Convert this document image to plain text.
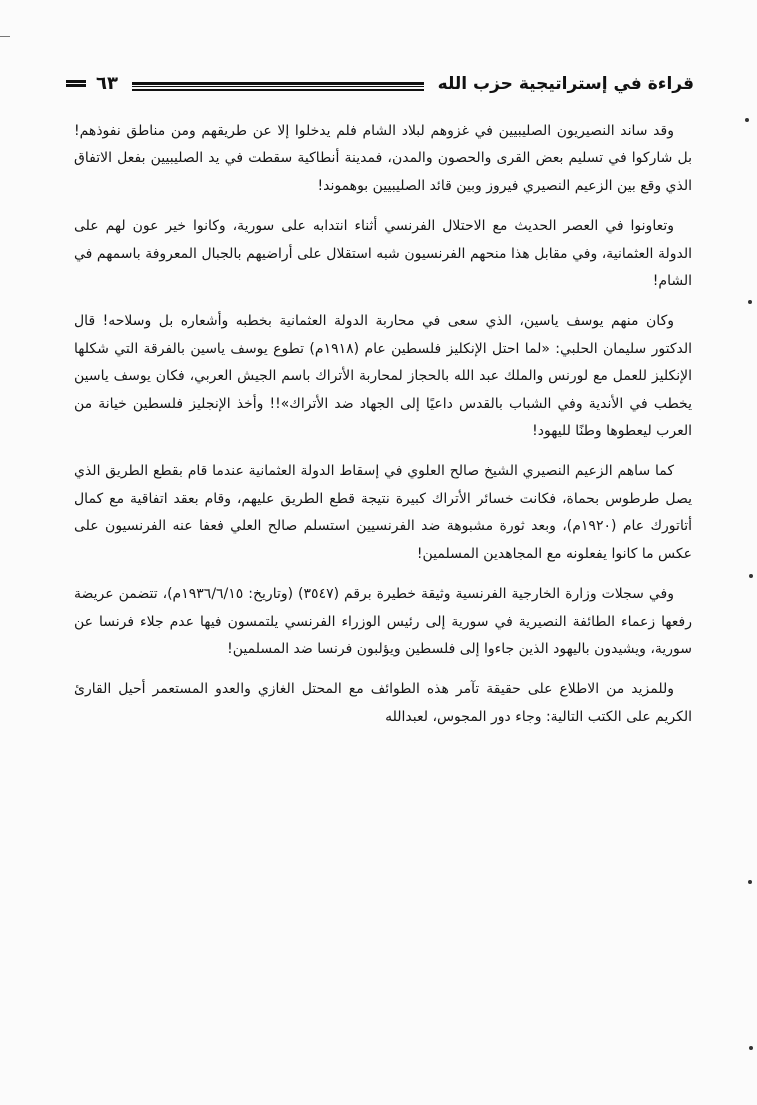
قراءة في إستراتيجية حزب الله
٦٣

وقد ساند النصيريون الصليبيين في غزوهم لبلاد الشام فلم يدخلوا إلا عن طريقهم ومن مناطق نفوذهم! بل شاركوا في تسليم بعض القرى والحصون والمدن، فمدينة أنطاكية سقطت في يد الصليبيين بفعل الاتفاق الذي وقع بين الزعيم النصيري فيروز وبين قائد الصليبيين بوهموند!

وتعاونوا في العصر الحديث مع الاحتلال الفرنسي أثناء انتدابه على سورية، وكانوا خير عون لهم على الدولة العثمانية، وفي مقابل هذا منحهم الفرنسيون شبه استقلال على أراضيهم بالجبال المعروفة باسمهم في الشام!

وكان منهم يوسف ياسين، الذي سعى في محاربة الدولة العثمانية بخطبه وأشعاره بل وسلاحه! قال الدكتور سليمان الحلبي: «لما احتل الإنكليز فلسطين عام (١٩١٨م) تطوع يوسف ياسين بالفرقة التي شكلها الإنكليز للعمل مع لورنس والملك عبد الله بالحجاز لمحاربة الأتراك باسم الجيش العربي، فكان يوسف ياسين يخطب في الأندية وفي الشباب بالقدس داعيًا إلى الجهاد ضد الأتراك»!! وأخذ الإنجليز فلسطين خيانة من العرب ليعطوها وطنًا لليهود!

كما ساهم الزعيم النصيري الشيخ صالح العلوي في إسقاط الدولة العثمانية عندما قام بقطع الطريق الذي يصل طرطوس بحماة، فكانت خسائر الأتراك كبيرة نتيجة قطع الطريق عليهم، وقام بعقد اتفاقية مع كمال أتاتورك عام (١٩٢٠م)، وبعد ثورة مشبوهة ضد الفرنسيين استسلم صالح العلي فعفا عنه الفرنسيون على عكس ما كانوا يفعلونه مع المجاهدين المسلمين!

وفي سجلات وزارة الخارجية الفرنسية وثيقة خطيرة برقم (٣٥٤٧) (وتاريخ: ١٩٣٦/٦/١٥م)، تتضمن عريضة رفعها زعماء الطائفة النصيرية في سورية إلى رئيس الوزراء الفرنسي يلتمسون فيها عدم جلاء فرنسا عن سورية، ويشيدون باليهود الذين جاءوا إلى فلسطين ويؤلبون فرنسا ضد المسلمين!

وللمزيد من الاطلاع على حقيقة تآمر هذه الطوائف مع المحتل الغازي والعدو المستعمر أحيل القارئ الكريم على الكتب التالية: وجاء دور المجوس، لعبدالله
